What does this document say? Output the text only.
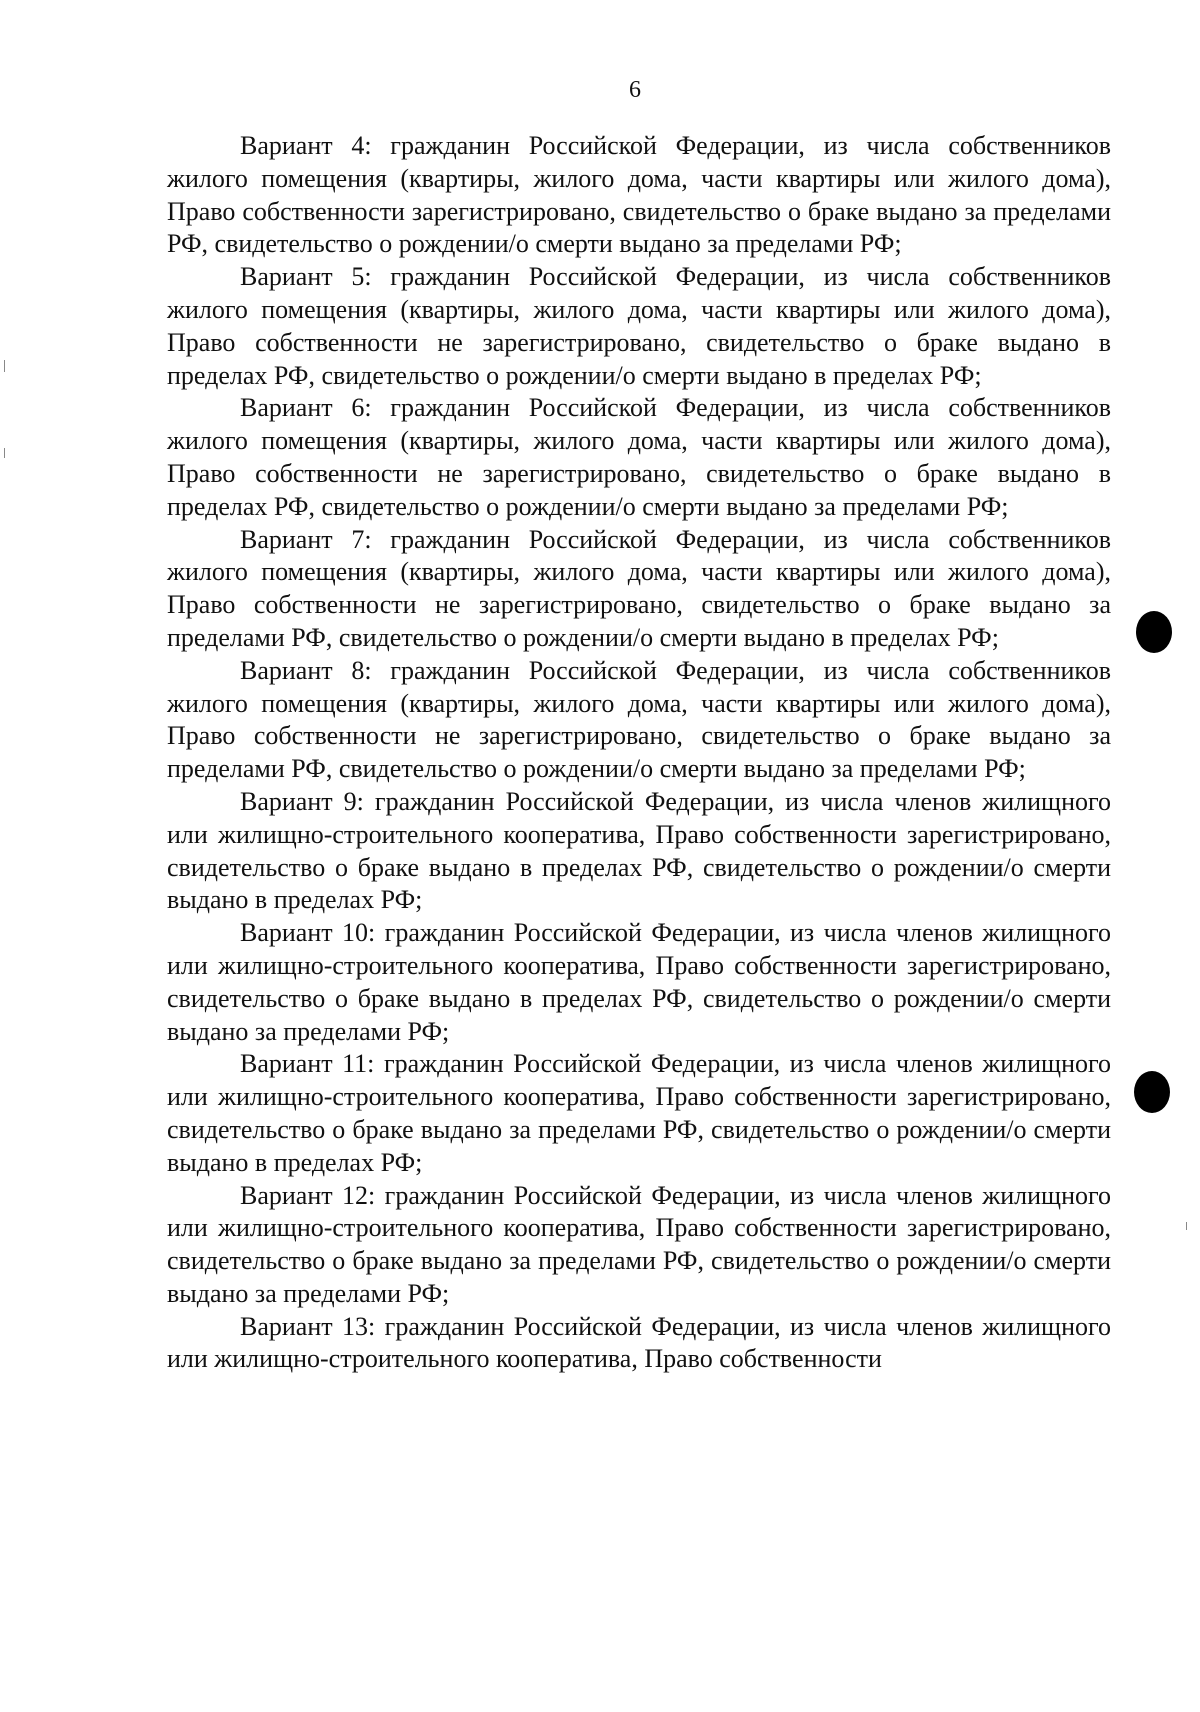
6

Вариант 4: гражданин Российской Федерации, из числа собственников жилого помещения (квартиры, жилого дома, части квартиры или жилого дома), Право собственности зарегистрировано, свидетельство о браке выдано за пределами РФ, свидетельство о рождении/о смерти выдано за пределами РФ;

Вариант 5: гражданин Российской Федерации, из числа собственников жилого помещения (квартиры, жилого дома, части квартиры или жилого дома), Право собственности не зарегистрировано, свидетельство о браке выдано в пределах РФ, свидетельство о рождении/о смерти выдано в пределах РФ;

Вариант 6: гражданин Российской Федерации, из числа собственников жилого помещения (квартиры, жилого дома, части квартиры или жилого дома), Право собственности не зарегистрировано, свидетельство о браке выдано в пределах РФ, свидетельство о рождении/о смерти выдано за пределами РФ;

Вариант 7: гражданин Российской Федерации, из числа собственников жилого помещения (квартиры, жилого дома, части квартиры или жилого дома), Право собственности не зарегистрировано, свидетельство о браке выдано за пределами РФ, свидетельство о рождении/о смерти выдано в пределах РФ;

Вариант 8: гражданин Российской Федерации, из числа собственников жилого помещения (квартиры, жилого дома, части квартиры или жилого дома), Право собственности не зарегистрировано, свидетельство о браке выдано за пределами РФ, свидетельство о рождении/о смерти выдано за пределами РФ;

Вариант 9: гражданин Российской Федерации, из числа членов жилищного или жилищно-строительного кооператива, Право собственности зарегистрировано, свидетельство о браке выдано в пределах РФ, свидетельство о рождении/о смерти выдано в пределах РФ;

Вариант 10: гражданин Российской Федерации, из числа членов жилищного или жилищно-строительного кооператива, Право собственности зарегистрировано, свидетельство о браке выдано в пределах РФ, свидетельство о рождении/о смерти выдано за пределами РФ;

Вариант 11: гражданин Российской Федерации, из числа членов жилищного или жилищно-строительного кооператива, Право собственности зарегистрировано, свидетельство о браке выдано за пределами РФ, свидетельство о рождении/о смерти выдано в пределах РФ;

Вариант 12: гражданин Российской Федерации, из числа членов жилищного или жилищно-строительного кооператива, Право собственности зарегистрировано, свидетельство о браке выдано за пределами РФ, свидетельство о рождении/о смерти выдано за пределами РФ;

Вариант 13: гражданин Российской Федерации, из числа членов жилищного или жилищно-строительного кооператива, Право собственности
